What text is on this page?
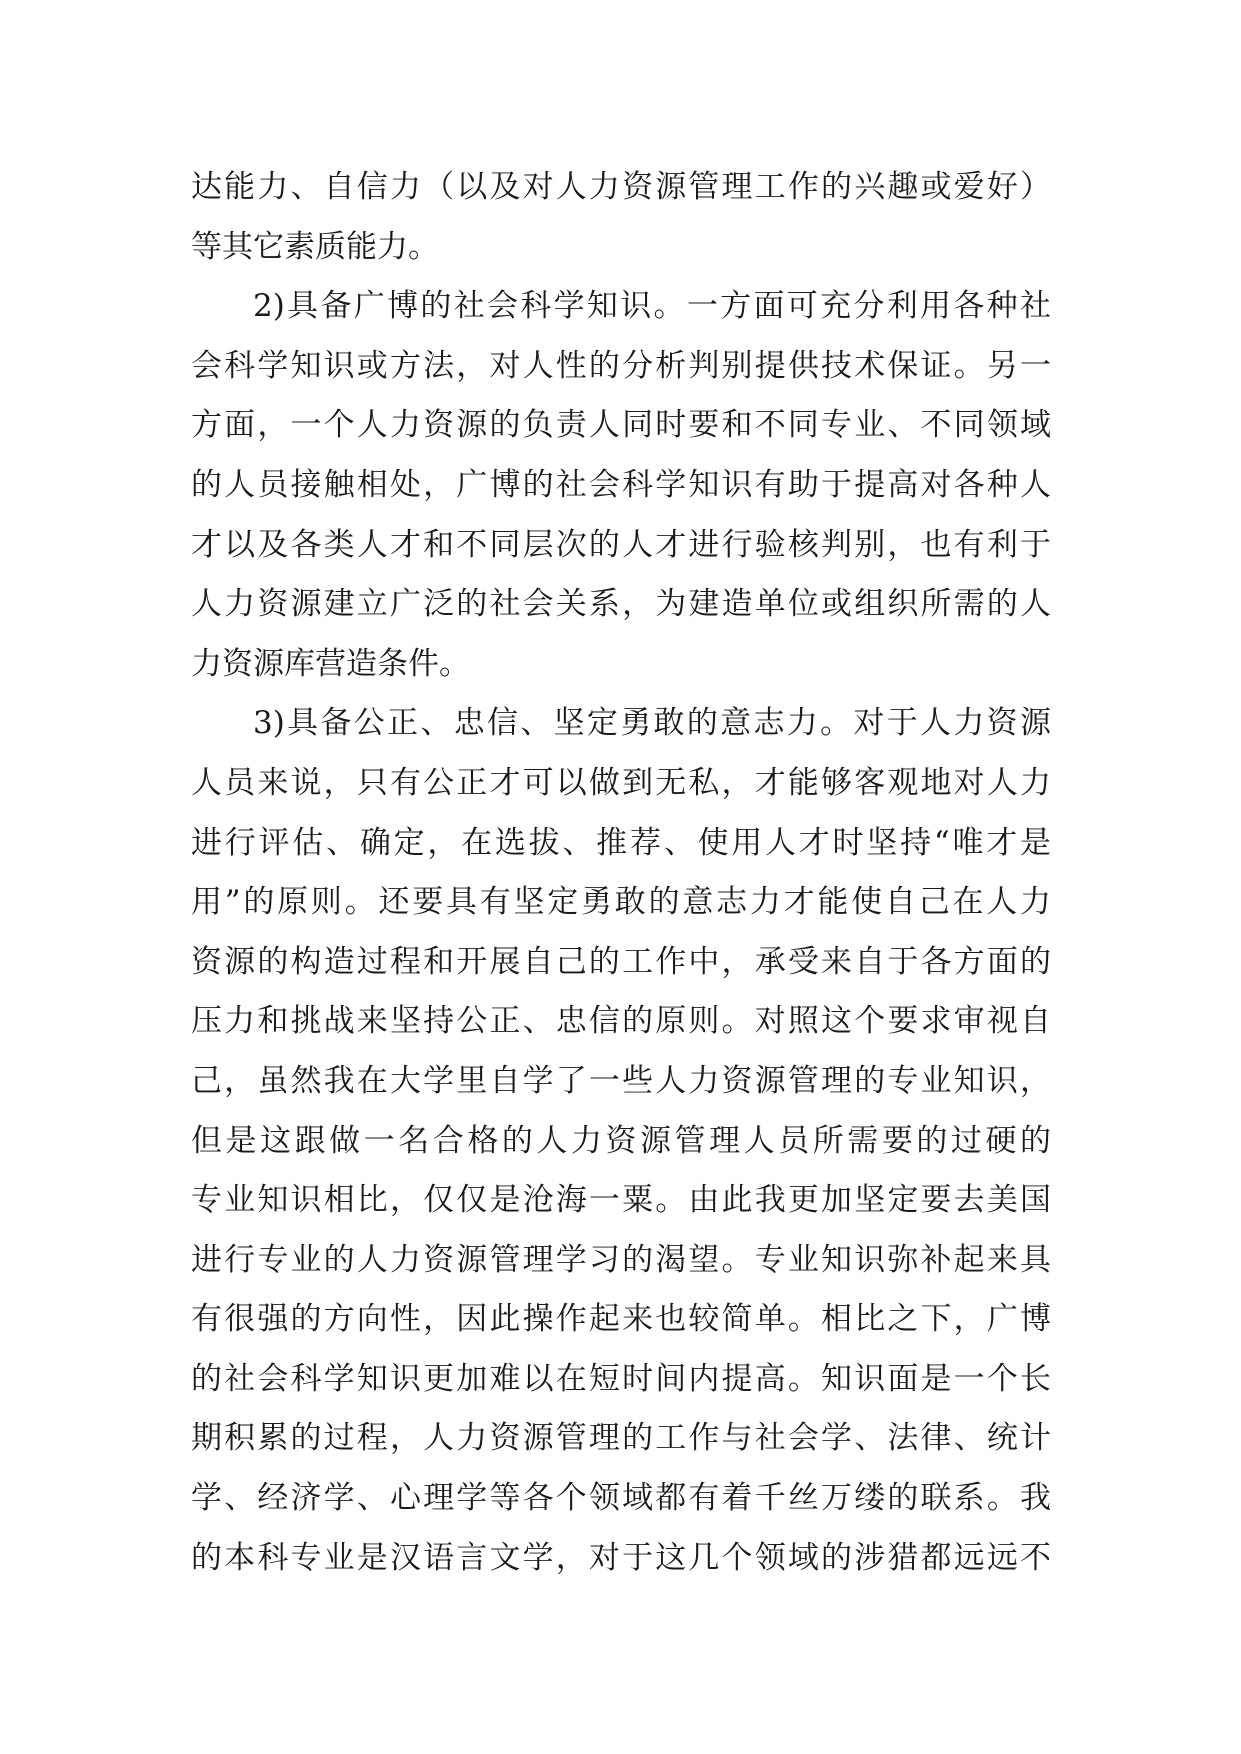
达能力、自信力（以及对人力资源管理工作的兴趣或爱好）
等其它素质能力。
2)具备广博的社会科学知识。一方面可充分利用各种社
会科学知识或方法，对人性的分析判别提供技术保证。另一
方面，一个人力资源的负责人同时要和不同专业、不同领域
的人员接触相处，广博的社会科学知识有助于提高对各种人
才以及各类人才和不同层次的人才进行验核判别，也有利于
人力资源建立广泛的社会关系，为建造单位或组织所需的人
力资源库营造条件。
3)具备公正、忠信、坚定勇敢的意志力。对于人力资源
人员来说，只有公正才可以做到无私，才能够客观地对人力
进行评估、确定，在选拔、推荐、使用人才时坚持“唯才是
用”的原则。还要具有坚定勇敢的意志力才能使自己在人力
资源的构造过程和开展自己的工作中，承受来自于各方面的
压力和挑战来坚持公正、忠信的原则。对照这个要求审视自
己，虽然我在大学里自学了一些人力资源管理的专业知识，
但是这跟做一名合格的人力资源管理人员所需要的过硬的
专业知识相比，仅仅是沧海一粟。由此我更加坚定要去美国
进行专业的人力资源管理学习的渴望。专业知识弥补起来具
有很强的方向性，因此操作起来也较简单。相比之下，广博
的社会科学知识更加难以在短时间内提高。知识面是一个长
期积累的过程，人力资源管理的工作与社会学、法律、统计
学、经济学、心理学等各个领域都有着千丝万缕的联系。我
的本科专业是汉语言文学，对于这几个领域的涉猎都远远不
